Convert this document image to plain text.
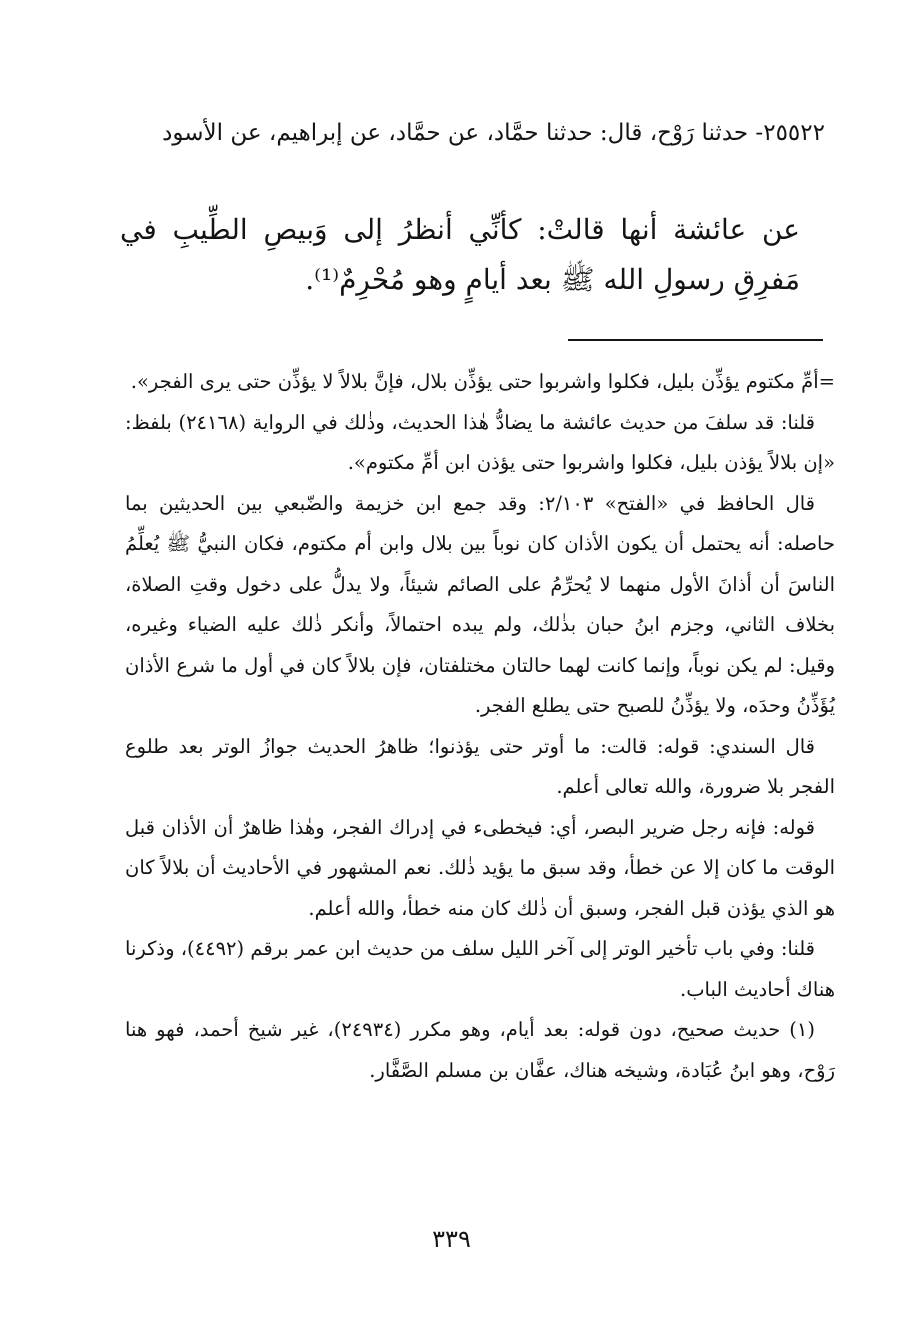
٢٥٥٢٢- حدثنا رَوْح، قال: حدثنا حمَّاد، عن حمَّاد، عن إبراهيم، عن الأسود
عن عائشة أنها قالتْ: كأنِّي أنظرُ إلى وَبيصِ الطِّيبِ في مَفرِقِ رسولِ الله ﷺ بعد أيامٍ وهو مُحْرِمٌ⁽¹⁾.

=أمِّ مكتوم يؤذِّن بليل، فكلوا واشربوا حتى يؤذِّن بلال، فإنَّ بلالاً لا يؤذِّن حتى يرى الفجر».

قلنا: قد سلفَ من حديث عائشة ما يضادُّ هٰذا الحديث، وذٰلك في الرواية (٢٤١٦٨) بلفظ: «إن بلالاً يؤذن بليل، فكلوا واشربوا حتى يؤذن ابن أمِّ مكتوم».

قال الحافظ في «الفتح» ٢/١٠٣: وقد جمع ابن خزيمة والضّبعي بين الحديثين بما حاصله: أنه يحتمل أن يكون الأذان كان نوباً بين بلال وابن أم مكتوم، فكان النبيُّ ﷺ يُعلِّمُ الناسَ أن أذانَ الأول منهما لا يُحرِّمُ على الصائم شيئاً، ولا يدلُّ على دخول وقتِ الصلاة، بخلاف الثاني، وجزم ابنُ حبان بذٰلك، ولم يبده احتمالاً، وأنكر ذٰلك عليه الضياء وغيره، وقيل: لم يكن نوباً، وإنما كانت لهما حالتان مختلفتان، فإن بلالاً كان في أول ما شرع الأذان يُؤَذِّنُ وحدَه، ولا يؤذِّنُ للصبح حتى يطلع الفجر.

قال السندي: قوله: قالت: ما أوتر حتى يؤذنوا؛ ظاهرُ الحديث جوازُ الوتر بعد طلوع الفجر بلا ضرورة، والله تعالى أعلم.

قوله: فإنه رجل ضرير البصر، أي: فيخطىء في إدراك الفجر، وهٰذا ظاهرٌ أن الأذان قبل الوقت ما كان إلا عن خطأ، وقد سبق ما يؤيد ذٰلك. نعم المشهور في الأحاديث أن بلالاً كان هو الذي يؤذن قبل الفجر، وسبق أن ذٰلك كان منه خطأ، والله أعلم.

قلنا: وفي باب تأخير الوتر إلى آخر الليل سلف من حديث ابن عمر برقم (٤٤٩٢)، وذكرنا هناك أحاديث الباب.

(١) حديث صحيح، دون قوله: بعد أيام، وهو مكرر (٢٤٩٣٤)، غير شيخ أحمد، فهو هنا رَوْح، وهو ابنُ عُبَادة، وشيخه هناك، عفَّان بن مسلم الصَّفَّار.

٣٣٩
